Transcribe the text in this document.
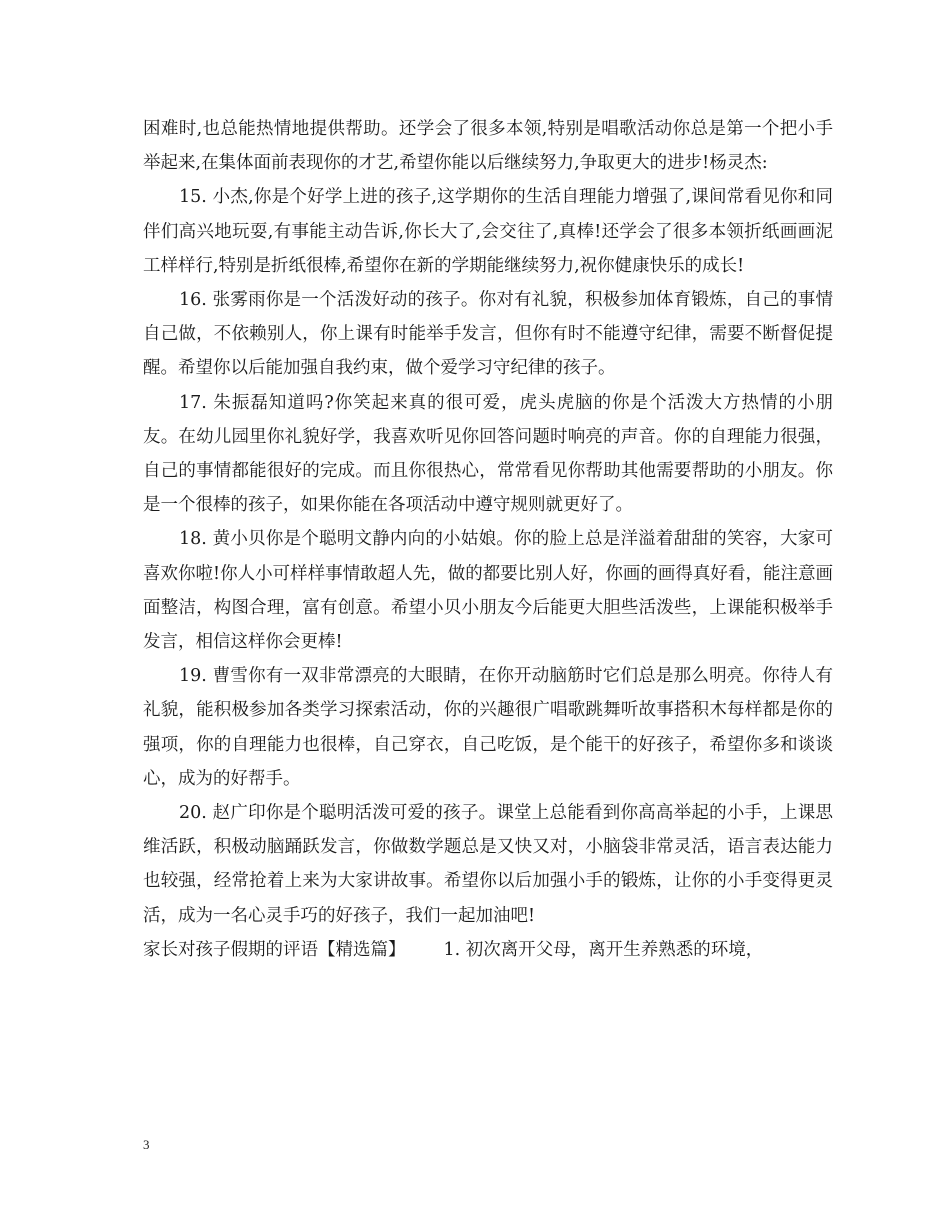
困难时,也总能热情地提供帮助。还学会了很多本领,特别是唱歌活动你总是第一个把小手举起来,在集体面前表现你的才艺,希望你能以后继续努力,争取更大的进步!杨灵杰:

15. 小杰,你是个好学上进的孩子,这学期你的生活自理能力增强了,课间常看见你和同伴们高兴地玩耍,有事能主动告诉,你长大了,会交往了,真棒!还学会了很多本领折纸画画泥工样样行,特别是折纸很棒,希望你在新的学期能继续努力,祝你健康快乐的成长!

16. 张雾雨你是一个活泼好动的孩子。你对有礼貌，积极参加体育锻炼，自己的事情自己做，不依赖别人，你上课有时能举手发言，但你有时不能遵守纪律，需要不断督促提醒。希望你以后能加强自我约束，做个爱学习守纪律的孩子。

17. 朱振磊知道吗?你笑起来真的很可爱，虎头虎脑的你是个活泼大方热情的小朋友。在幼儿园里你礼貌好学，我喜欢听见你回答问题时响亮的声音。你的自理能力很强，自己的事情都能很好的完成。而且你很热心，常常看见你帮助其他需要帮助的小朋友。你是一个很棒的孩子，如果你能在各项活动中遵守规则就更好了。

18. 黄小贝你是个聪明文静内向的小姑娘。你的脸上总是洋溢着甜甜的笑容，大家可喜欢你啦!你人小可样样事情敢超人先，做的都要比别人好，你画的画得真好看，能注意画面整洁，构图合理，富有创意。希望小贝小朋友今后能更大胆些活泼些，上课能积极举手发言，相信这样你会更棒!

19. 曹雪你有一双非常漂亮的大眼睛，在你开动脑筋时它们总是那么明亮。你待人有礼貌，能积极参加各类学习探索活动，你的兴趣很广唱歌跳舞听故事搭积木每样都是你的强项，你的自理能力也很棒，自己穿衣，自己吃饭，是个能干的好孩子，希望你多和谈谈心，成为的好帮手。

20. 赵广印你是个聪明活泼可爱的孩子。课堂上总能看到你高高举起的小手，上课思维活跃，积极动脑踊跃发言，你做数学题总是又快又对，小脑袋非常灵活，语言表达能力也较强，经常抢着上来为大家讲故事。希望你以后加强小手的锻炼，让你的小手变得更灵活，成为一名心灵手巧的好孩子，我们一起加油吧!

家长对孩子假期的评语【精选篇】 1. 初次离开父母，离开生养熟悉的环境，

3
